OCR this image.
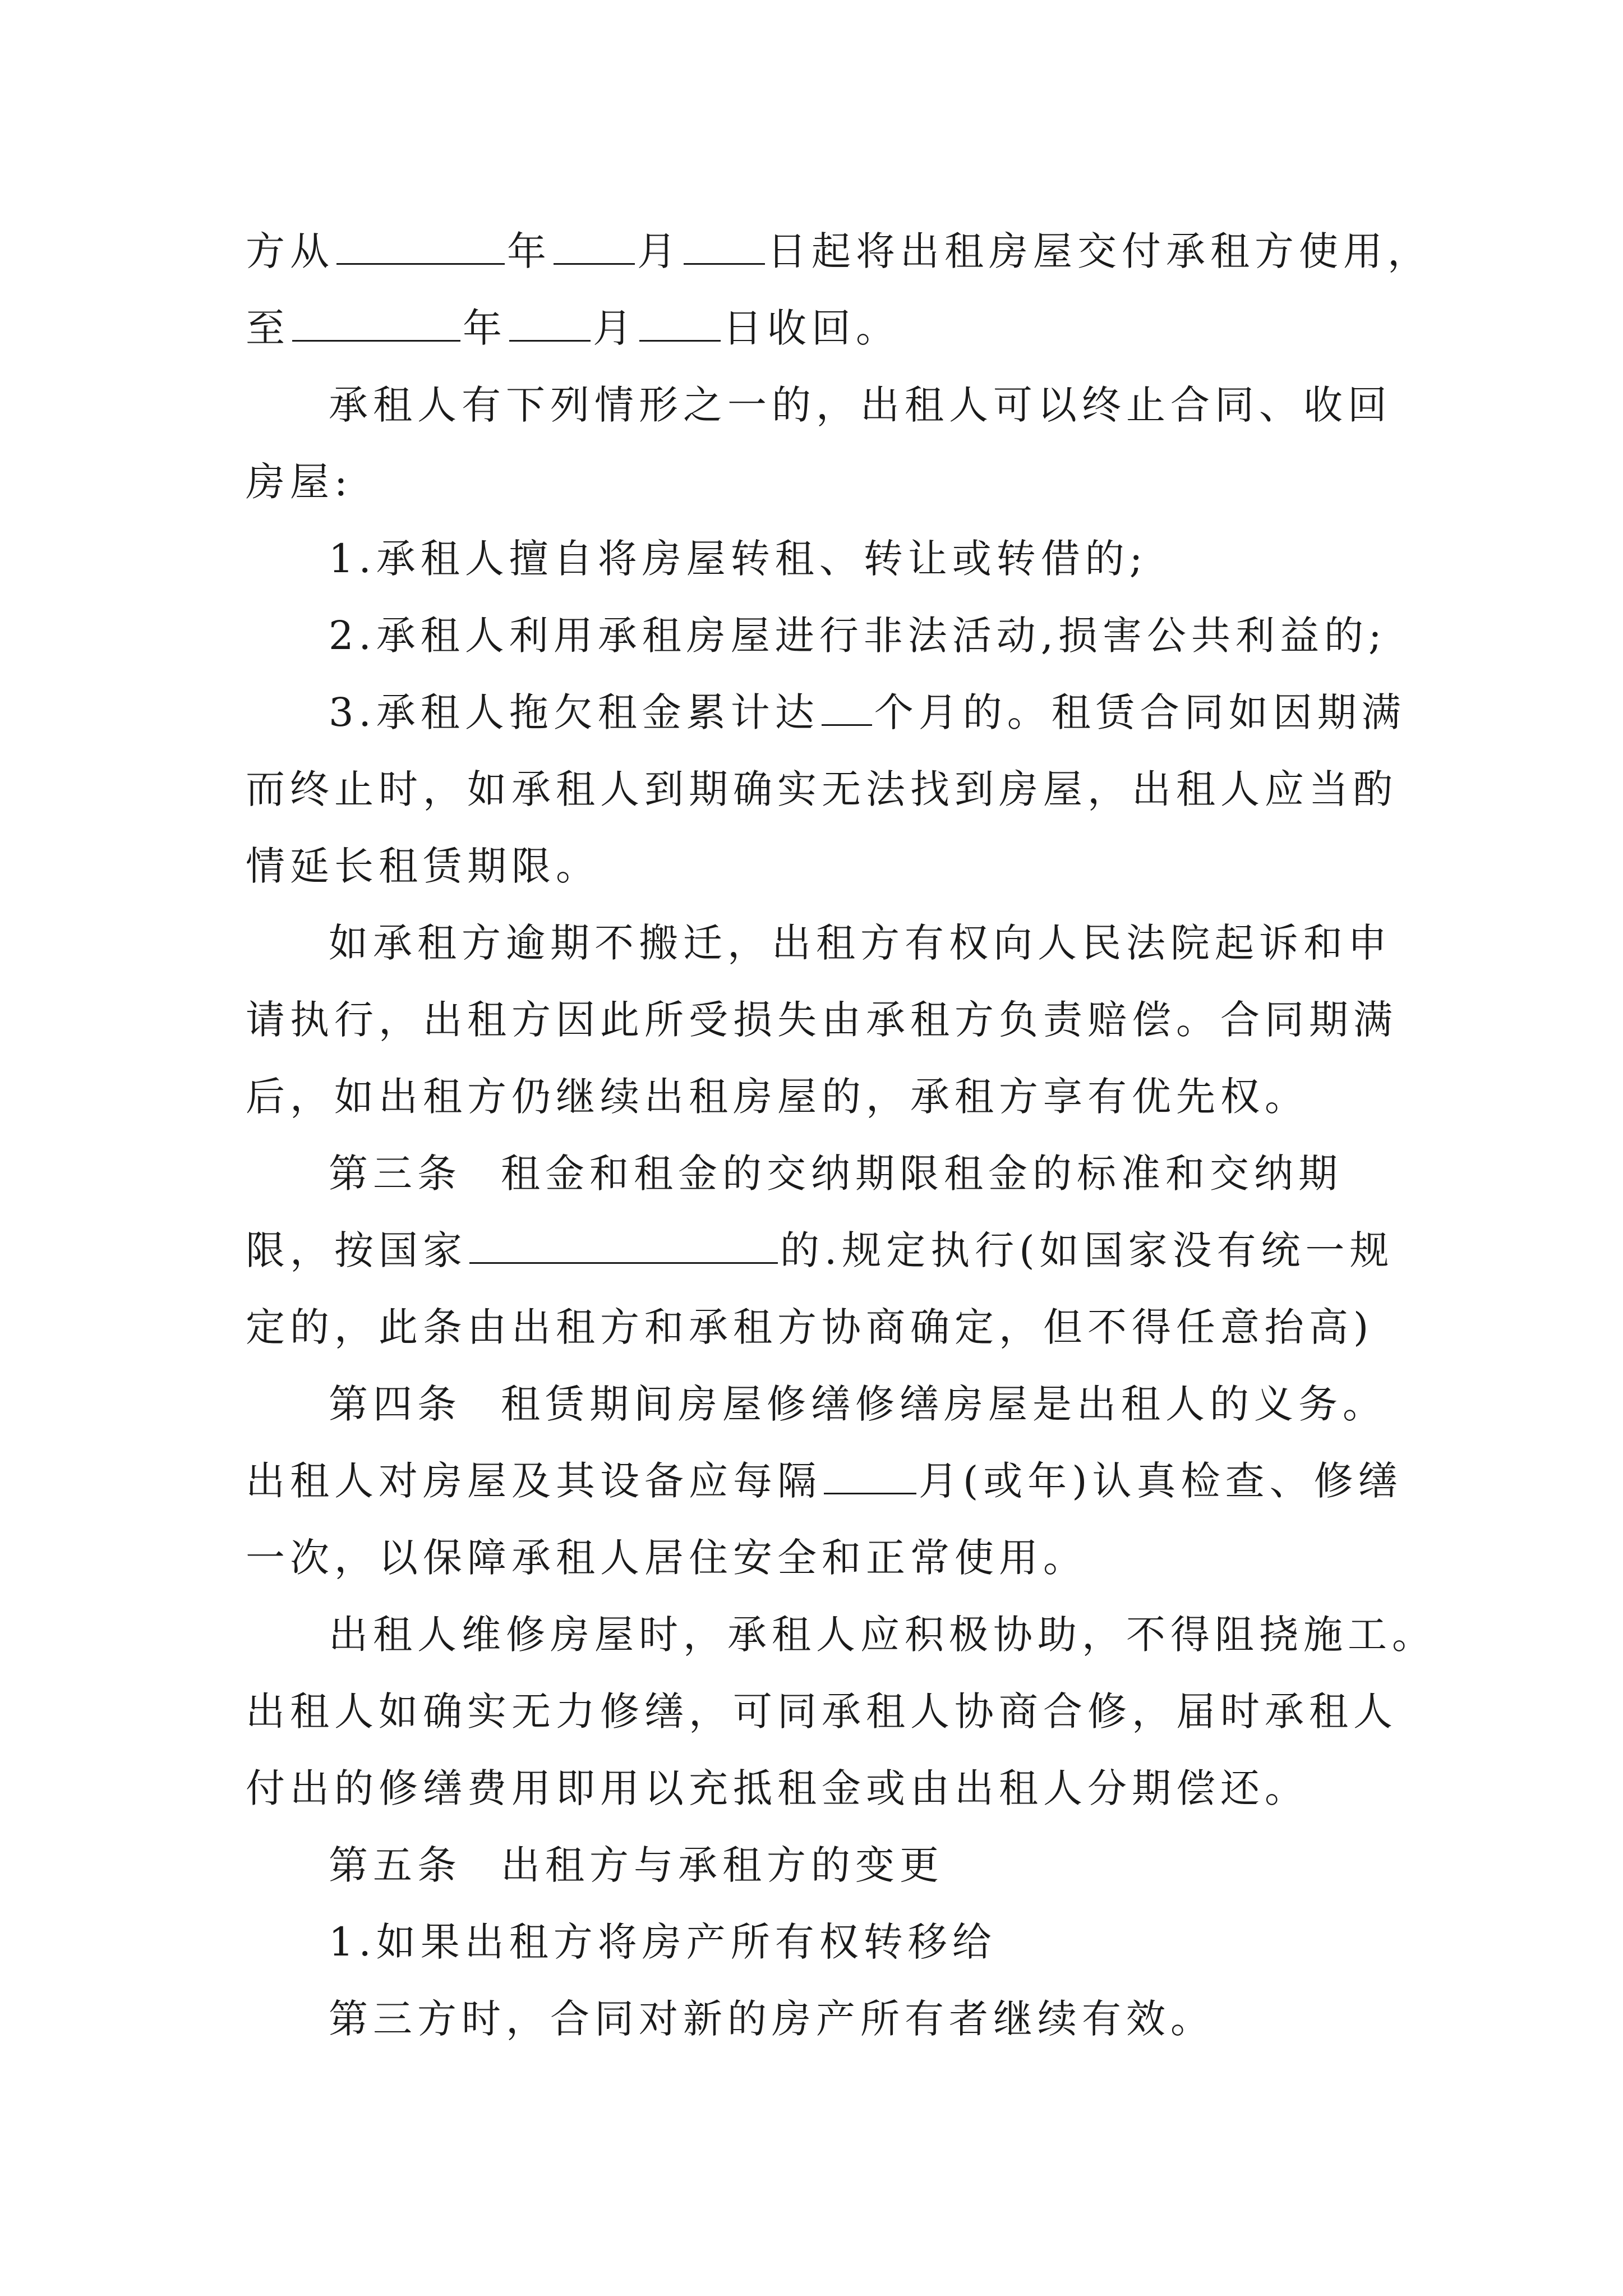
方从	年 月 日起将出租房屋交付承租方使用，
至	年 月 日收回。
承租人有下列情形之一的，出租人可以终止合同、收回
房屋:
1.承租人擅自将房屋转租、转让或转借的;
2.承租人利用承租房屋进行非法活动,损害公共利益的;
3.承租人拖欠租金累计达 个月的。租赁合同如因期满
而终止时，如承租人到期确实无法找到房屋，出租人应当酌
情延长租赁期限。
如承租方逾期不搬迁，出租方有权向人民法院起诉和申
请执行，出租方因此所受损失由承租方负责赔偿。合同期满
后，如出租方仍继续出租房屋的，承租方享有优先权。
第三条 租金和租金的交纳期限租金的标准和交纳期
限，按国家	的.规定执行(如国家没有统一规
定的，此条由出租方和承租方协商确定，但不得任意抬高)
第四条 租赁期间房屋修缮修缮房屋是出租人的义务。
出租人对房屋及其设备应每隔 月(或年)认真检查、修缮
一次，以保障承租人居住安全和正常使用。
出租人维修房屋时，承租人应积极协助，不得阻挠施工。
出租人如确实无力修缮，可同承租人协商合修，届时承租人
付出的修缮费用即用以充抵租金或由出租人分期偿还。
第五条 出租方与承租方的变更
1.如果出租方将房产所有权转移给
第三方时，合同对新的房产所有者继续有效。
